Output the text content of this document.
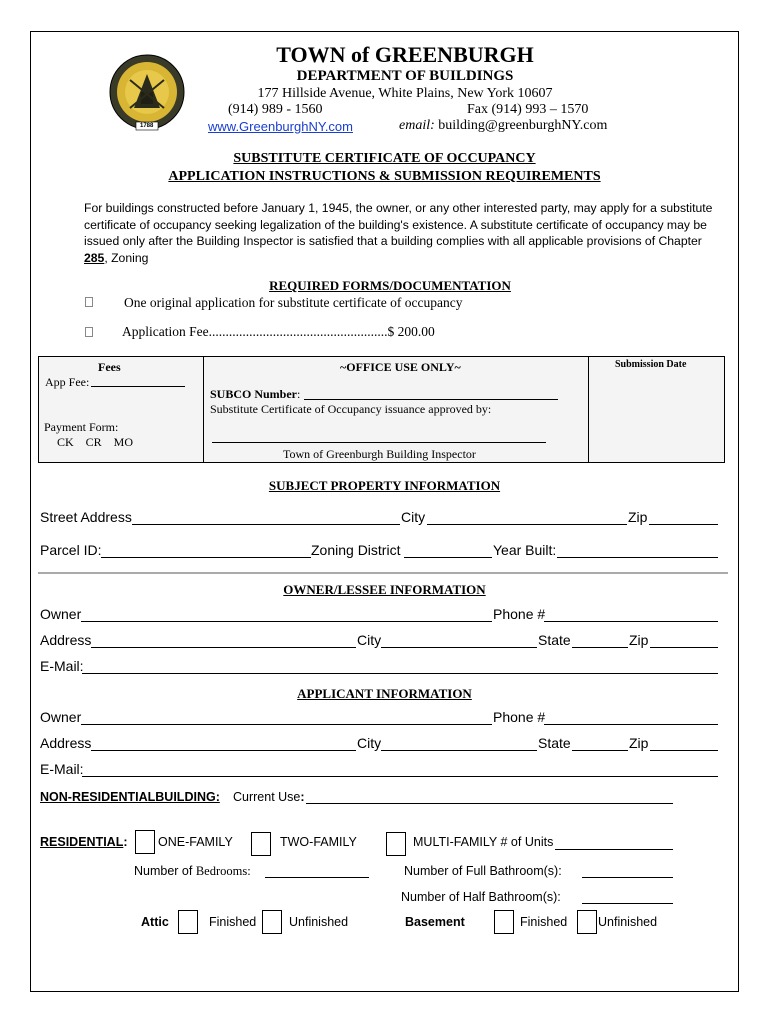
1788
TOWN of GREENBURGH
DEPARTMENT OF BUILDINGS
177 Hillside Avenue, White Plains, New York 10607
(914) 989 - 1560	Fax (914) 993 – 1570
www.GreenburghNY.com	email: building@greenburghNY.com
SUBSTITUTE CERTIFICATE OF OCCUPANCY
APPLICATION INSTRUCTIONS & SUBMISSION REQUIREMENTS
For buildings constructed before January 1, 1945, the owner, or any other interested party, may apply for a substitute certificate of occupancy seeking legalization of the building's existence. A substitute certificate of occupancy may be issued only after the Building Inspector is satisfied that a building complies with all applicable provisions of Chapter 285, Zoning
REQUIRED FORMS/DOCUMENTATION
One original application for substitute certificate of occupancy
Application Fee.....................................................$ 200.00
Fees
App Fee:
Payment Form:
CK    CR    MO
~OFFICE USE ONLY~
SUBCO Number:
Substitute Certificate of Occupancy issuance approved by:
Town of Greenburgh Building Inspector
Submission Date
SUBJECT PROPERTY INFORMATION
Street Address	City	Zip
Parcel ID:	Zoning District	Year Built:
OWNER/LESSEE INFORMATION
Owner	Phone #
Address	City	State	Zip
E-Mail:
APPLICANT INFORMATION
Owner	Phone #
Address	City	State	Zip
E-Mail:
NON-RESIDENTIALBUILDING: Current Use:
RESIDENTIAL: ONE-FAMILY	TWO-FAMILY	MULTI-FAMILY # of Units
Number of Bedrooms:	Number of Full Bathroom(s):
Number of Half Bathroom(s):
Attic	Finished	Unfinished	Basement	Finished Unfinished
